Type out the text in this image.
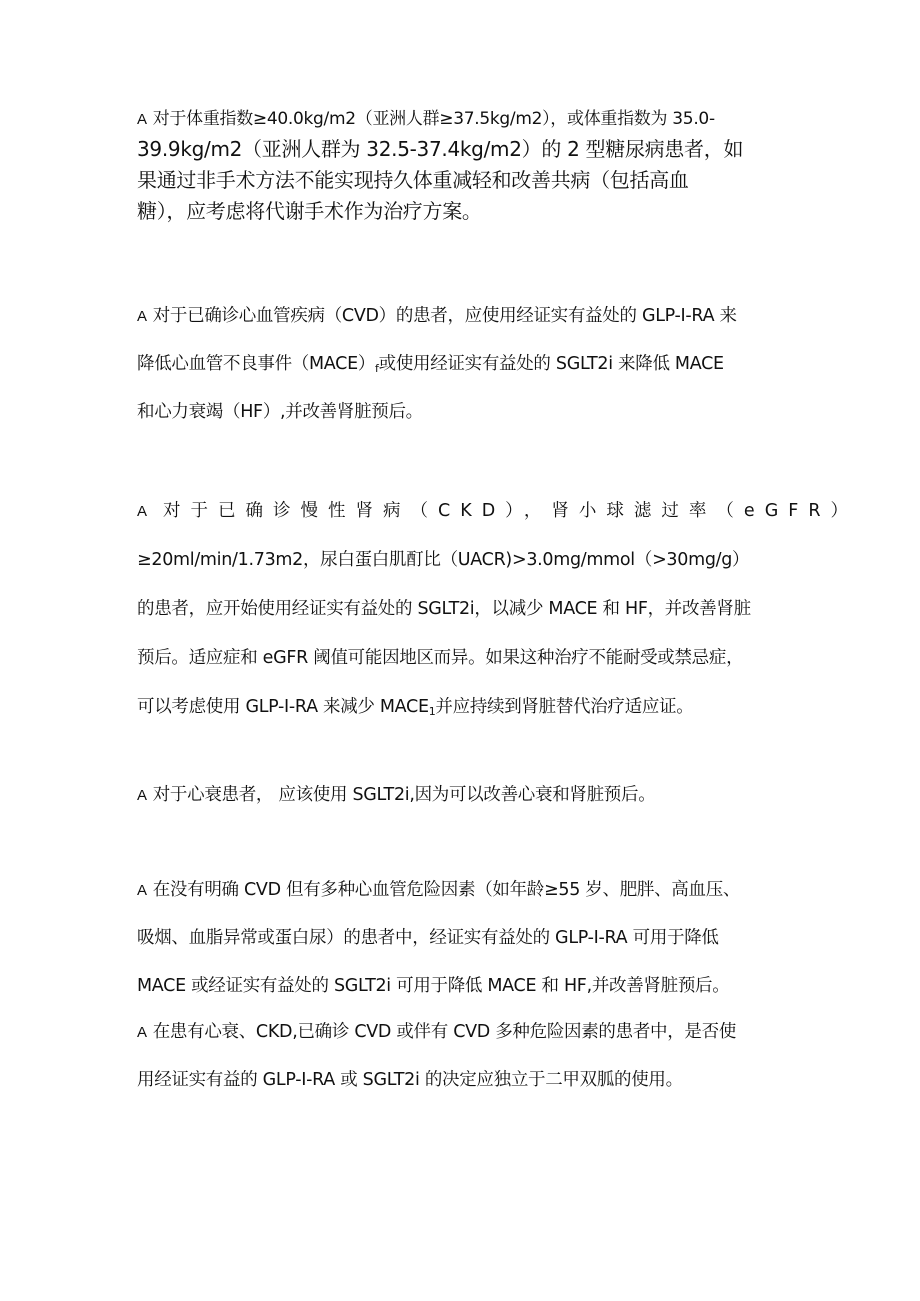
A 对于体重指数≥40.0kg/m2（亚洲人群≥37.5kg/m2），或体重指数为 35.0-
39.9kg/m2（亚洲人群为 32.5-37.4kg/m2）的 2 型糖尿病患者，如
果通过非手术方法不能实现持久体重减轻和改善共病（包括高血
糖），应考虑将代谢手术作为治疗方案。
A 对于已确诊心血管疾病（CVD）的患者，应使用经证实有益处的 GLP-I-RA 来
降低心血管不良事件$(MACE)_f$或使用经证实有益处的 SGLT2i 来降低 MACE
和心力衰竭（HF）,并改善肾脏预后。
A 对于已确诊慢性肾病（CKD），肾小球滤过率（eGFR）
≥20ml/min/1.73m2，尿白蛋白肌酊比（UACR)>3.0mg/mmol（>30mg/g）
的患者，应开始使用经证实有益处的 SGLT2i，以减少 MACE 和 HF，并改善肾脏
预后。适应症和 eGFR 阈值可能因地区而异。如果这种治疗不能耐受或禁忌症，
可以考虑使用 GLP-I-RA 来减少 $MACE_1$并应持续到肾脏替代治疗适应证。
A 对于心衰患者， 应该使用 SGLT2i,因为可以改善心衰和肾脏预后。
A 在没有明确 CVD 但有多种心血管危险因素（如年龄≥55 岁、肥胖、高血压、
吸烟、血脂异常或蛋白尿）的患者中，经证实有益处的 GLP-I-RA 可用于降低
MACE 或经证实有益处的 SGLT2i 可用于降低 MACE 和 HF,并改善肾脏预后。
A 在患有心衰、CKD,已确诊 CVD 或伴有 CVD 多种危险因素的患者中，是否使
用经证实有益的 GLP-I-RA 或 SGLT2i 的决定应独立于二甲双胍的使用。
